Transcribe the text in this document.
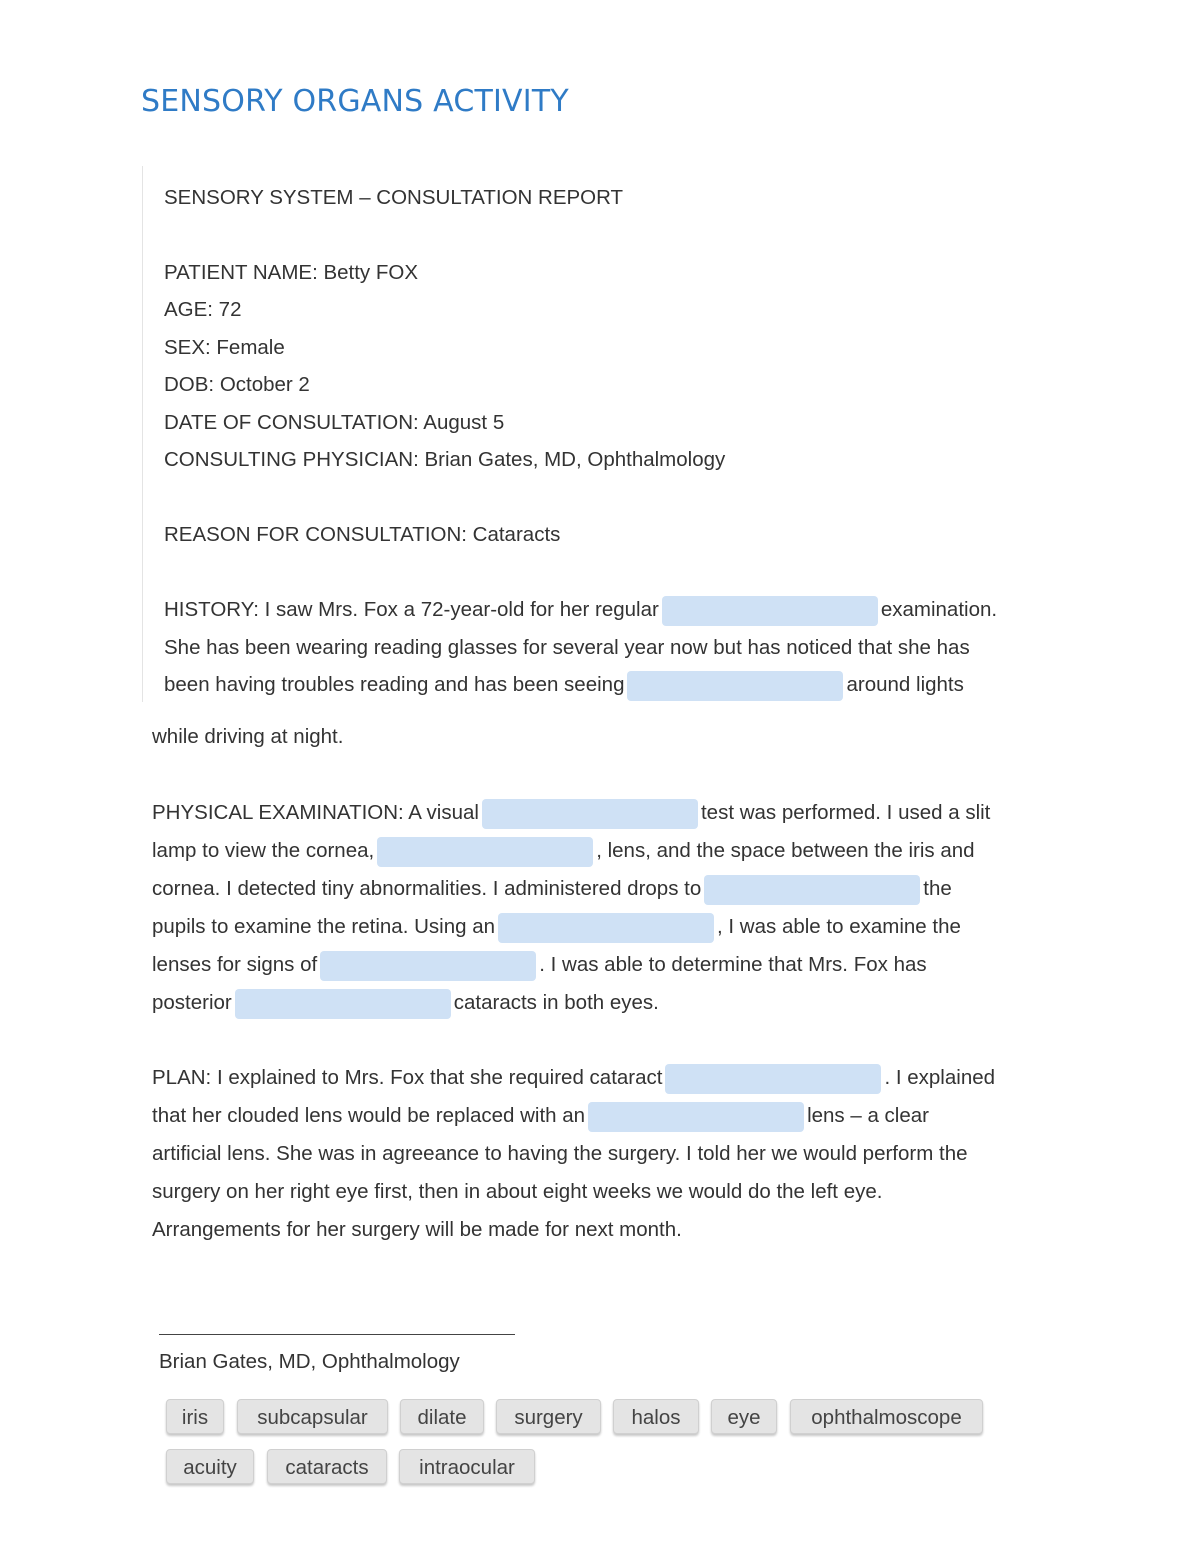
SENSORY ORGANS ACTIVITY
SENSORY SYSTEM – CONSULTATION REPORT
PATIENT NAME: Betty FOX
AGE: 72
SEX: Female
DOB: October 2
DATE OF CONSULTATION: August 5
CONSULTING PHYSICIAN: Brian Gates, MD, Ophthalmology
REASON FOR CONSULTATION: Cataracts
HISTORY: I saw Mrs. Fox a 72-year-old for her regular	examination.
She has been wearing reading glasses for several year now but has noticed that she has
been having troubles reading and has been seeing	around lights
while driving at night.
PHYSICAL EXAMINATION: A visual	test was performed. I used a slit
lamp to view the cornea,	, lens, and the space between the iris and
cornea. I detected tiny abnormalities. I administered drops to	the
pupils to examine the retina. Using an	, I was able to examine the
lenses for signs of	. I was able to determine that Mrs. Fox has
posterior	cataracts in both eyes.
PLAN: I explained to Mrs. Fox that she required cataract	. I explained
that her clouded lens would be replaced with an	lens – a clear
artificial lens. She was in agreeance to having the surgery. I told her we would perform the
surgery on her right eye first, then in about eight weeks we would do the left eye.
Arrangements for her surgery will be made for next month.
Brian Gates, MD, Ophthalmology
iris	subcapsular	dilate	surgery	halos	eye	ophthalmoscope
acuity	cataracts	intraocular
